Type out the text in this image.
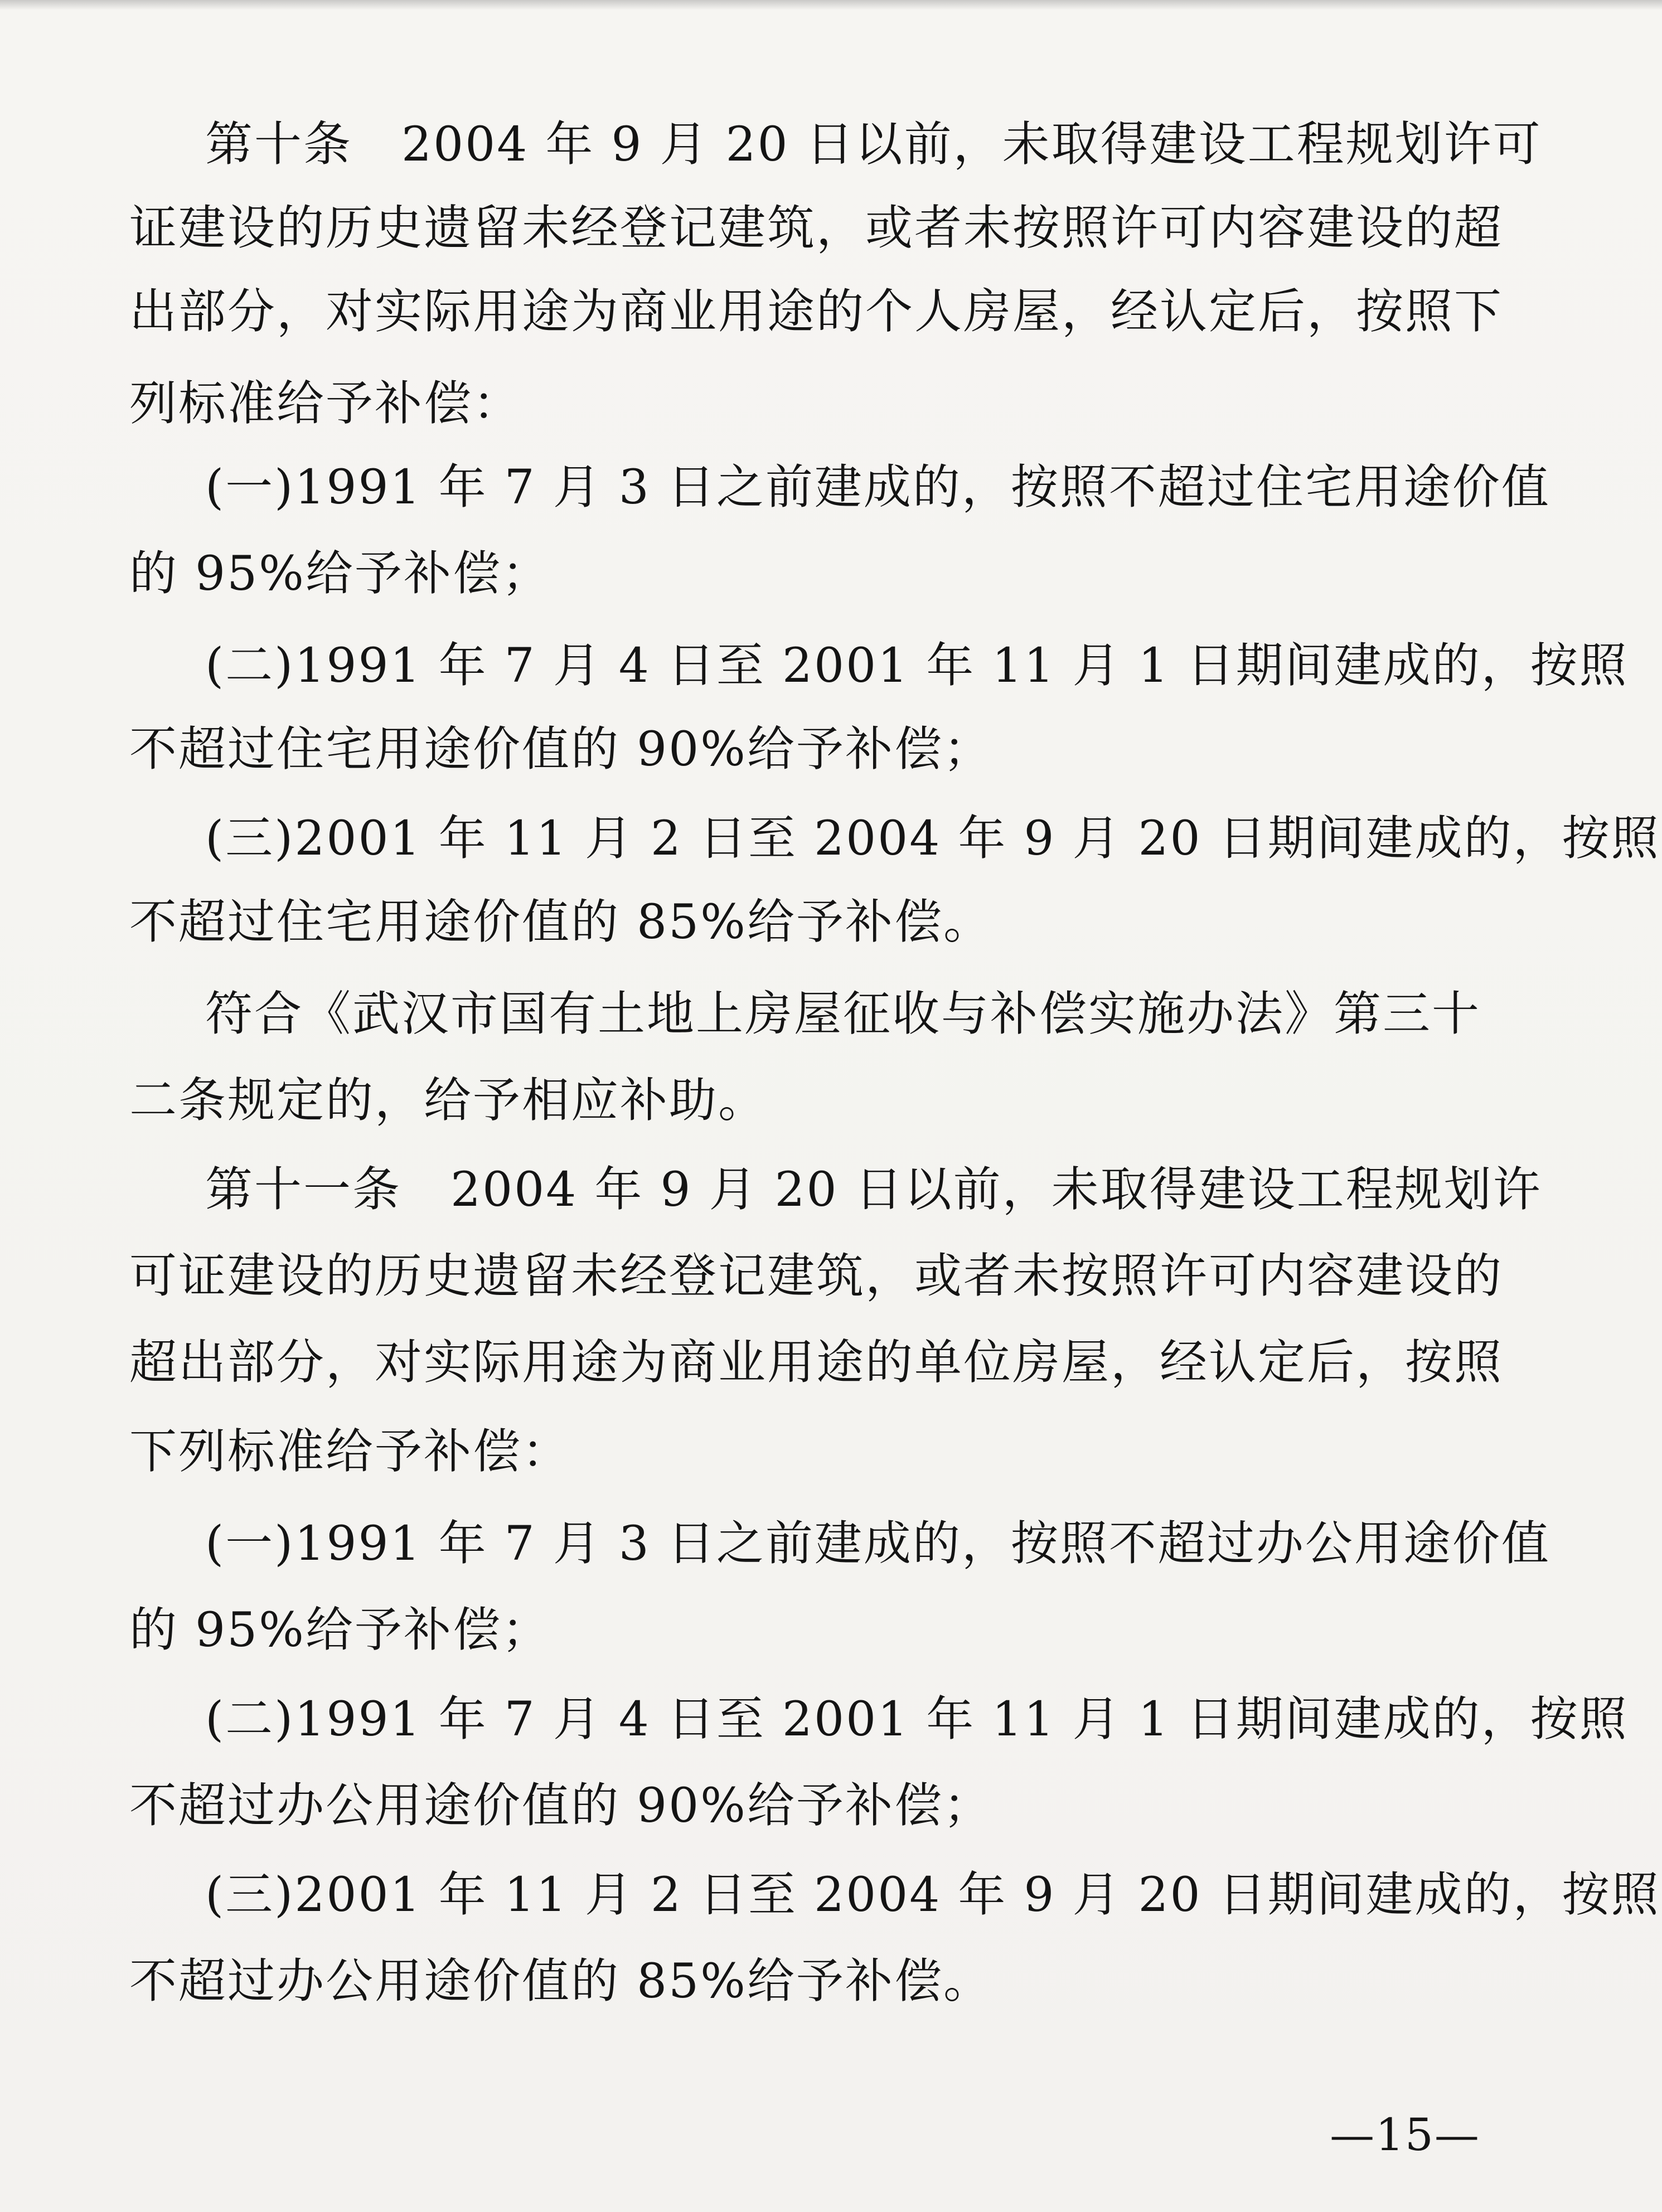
第十条　2004 年 9 月 20 日以前，未取得建设工程规划许可
证建设的历史遗留未经登记建筑，或者未按照许可内容建设的超
出部分，对实际用途为商业用途的个人房屋，经认定后，按照下
列标准给予补偿：
(一)1991 年 7 月 3 日之前建成的，按照不超过住宅用途价值
的 95%给予补偿；
(二)1991 年 7 月 4 日至 2001 年 11 月 1 日期间建成的，按照
不超过住宅用途价值的 90%给予补偿；
(三)2001 年 11 月 2 日至 2004 年 9 月 20 日期间建成的，按照
不超过住宅用途价值的 85%给予补偿。
符合《武汉市国有土地上房屋征收与补偿实施办法》第三十
二条规定的，给予相应补助。
第十一条　2004 年 9 月 20 日以前，未取得建设工程规划许
可证建设的历史遗留未经登记建筑，或者未按照许可内容建设的
超出部分，对实际用途为商业用途的单位房屋，经认定后，按照
下列标准给予补偿：
(一)1991 年 7 月 3 日之前建成的，按照不超过办公用途价值
的 95%给予补偿；
(二)1991 年 7 月 4 日至 2001 年 11 月 1 日期间建成的，按照
不超过办公用途价值的 90%给予补偿；
(三)2001 年 11 月 2 日至 2004 年 9 月 20 日期间建成的，按照
不超过办公用途价值的 85%给予补偿。
—15—
